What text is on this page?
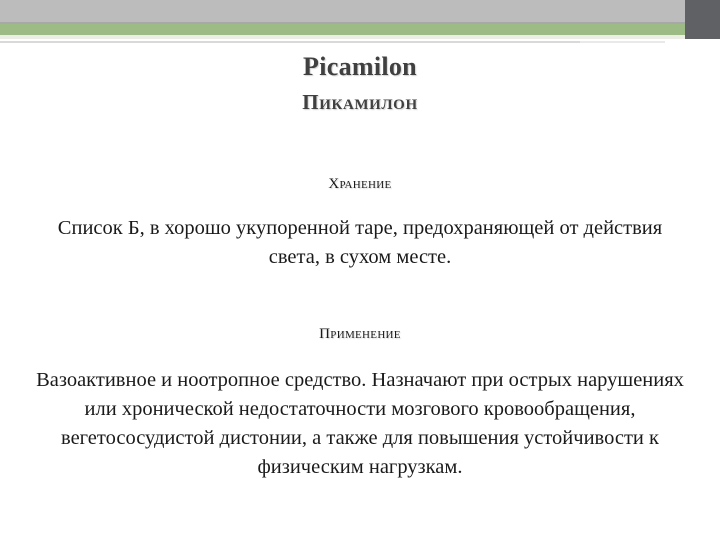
Picamilon
Пикамилон
Хранение
Список Б, в хорошо укупоренной таре, предохраняющей от действия света, в сухом месте.
Применение
Вазоактивное и ноотропное средство. Назначают при острых нарушениях или хронической недостаточности мозгового кровообращения, вегетососудистой дистонии, а также для повышения устойчивости к физическим нагрузкам.
